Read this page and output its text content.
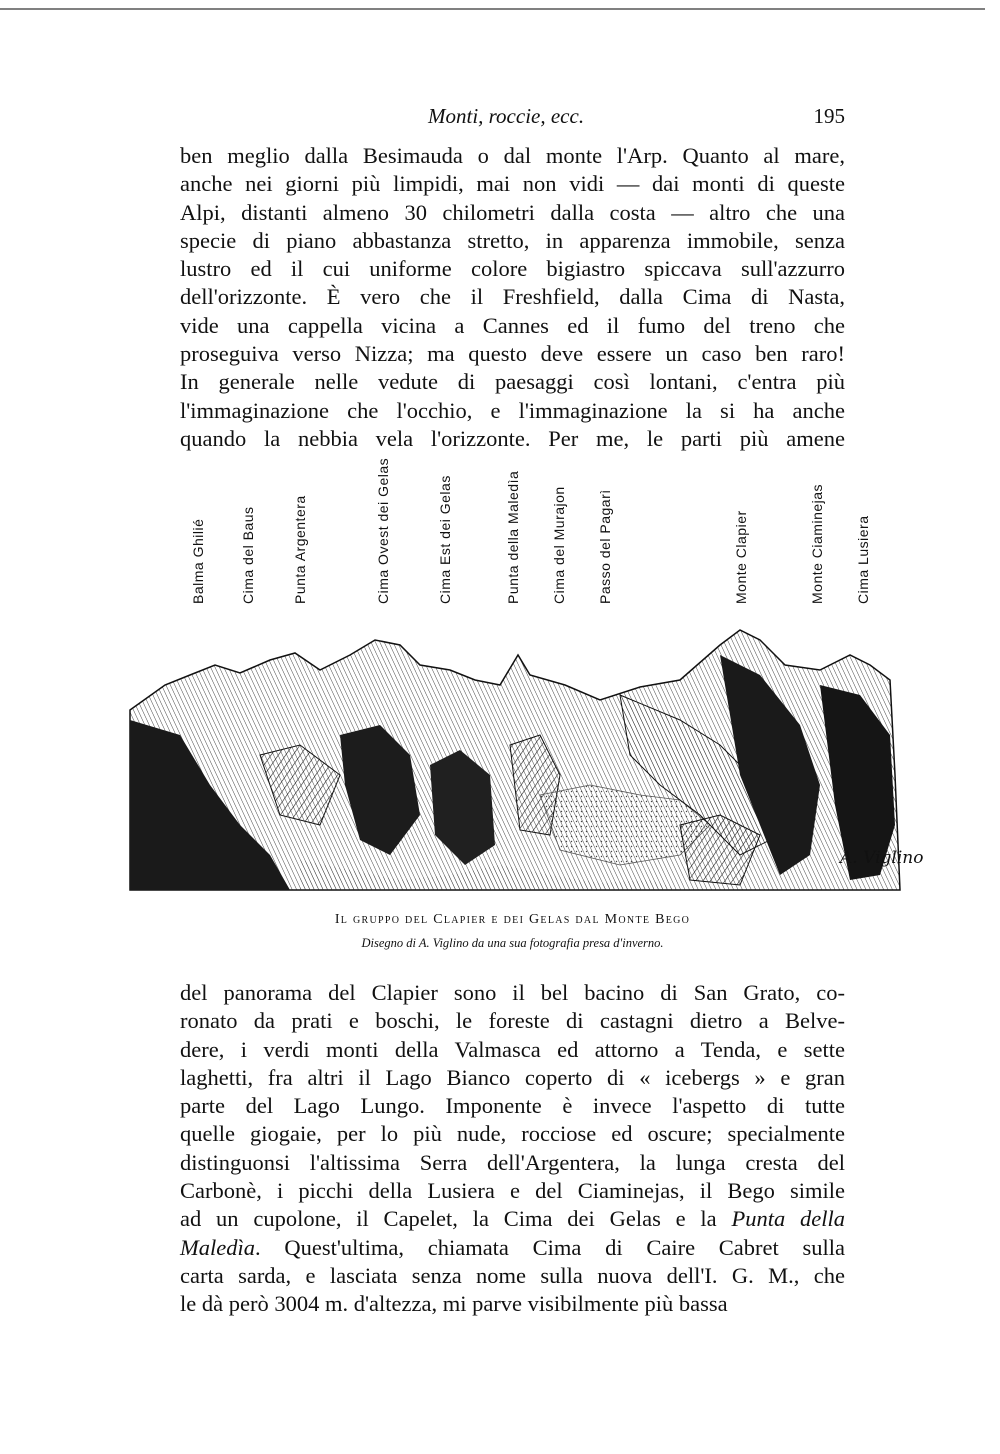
Monti, roccie, ecc.	195

ben meglio dalla Besimauda o dal monte l'Arp. Quanto al mare,
anche nei giorni più limpidi, mai non vidi — dai monti di queste
Alpi, distanti almeno 30 chilometri dalla costa — altro che una
specie di piano abbastanza stretto, in apparenza immobile, senza
lustro ed il cui uniforme colore bigiastro spiccava sull'azzurro
dell'orizzonte. È vero che il Freshfield, dalla Cima di Nasta,
vide una cappella vicina a Cannes ed il fumo del treno che
proseguiva verso Nizza; ma questo deve essere un caso ben raro!
In generale nelle vedute di paesaggi così lontani, c'entra più
l'immaginazione che l'occhio, e l'immaginazione la si ha anche
quando la nebbia vela l'orizzonte. Per me, le parti più amene

Balma Ghilié Cima del Baus	Punta Argentera	Cima Ovest dei Gelas	Cima Est dei Gelas	Punta della Maledìa Cima del Murajon Passo del Pagarì	Monte Clapier	Monte Ciaminejas Cima Lusiera
A. Viglino
Il gruppo del Clapier e dei Gelas dal Monte Bego
Disegno di A. Viglino da una sua fotografia presa d'inverno.

del panorama del Clapier sono il bel bacino di San Grato, co-
ronato da prati e boschi, le foreste di castagni dietro a Belve-
dere, i verdi monti della Valmasca ed attorno a Tenda, e sette
laghetti, fra altri il Lago Bianco coperto di « icebergs » e gran
parte del Lago Lungo. Imponente è invece l'aspetto di tutte
quelle giogaie, per lo più nude, rocciose ed oscure; specialmente
distinguonsi l'altissima Serra dell'Argentera, la lunga cresta del
Carbonè, i picchi della Lusiera e del Ciaminejas, il Bego simile
ad un cupolone, il Capelet, la Cima dei Gelas e la Punta della
Maledìa. Quest'ultima, chiamata Cima di Caire Cabret sulla
carta sarda, e lasciata senza nome sulla nuova dell'I. G. M., che
le dà però 3004 m. d'altezza, mi parve visibilmente più bassa
